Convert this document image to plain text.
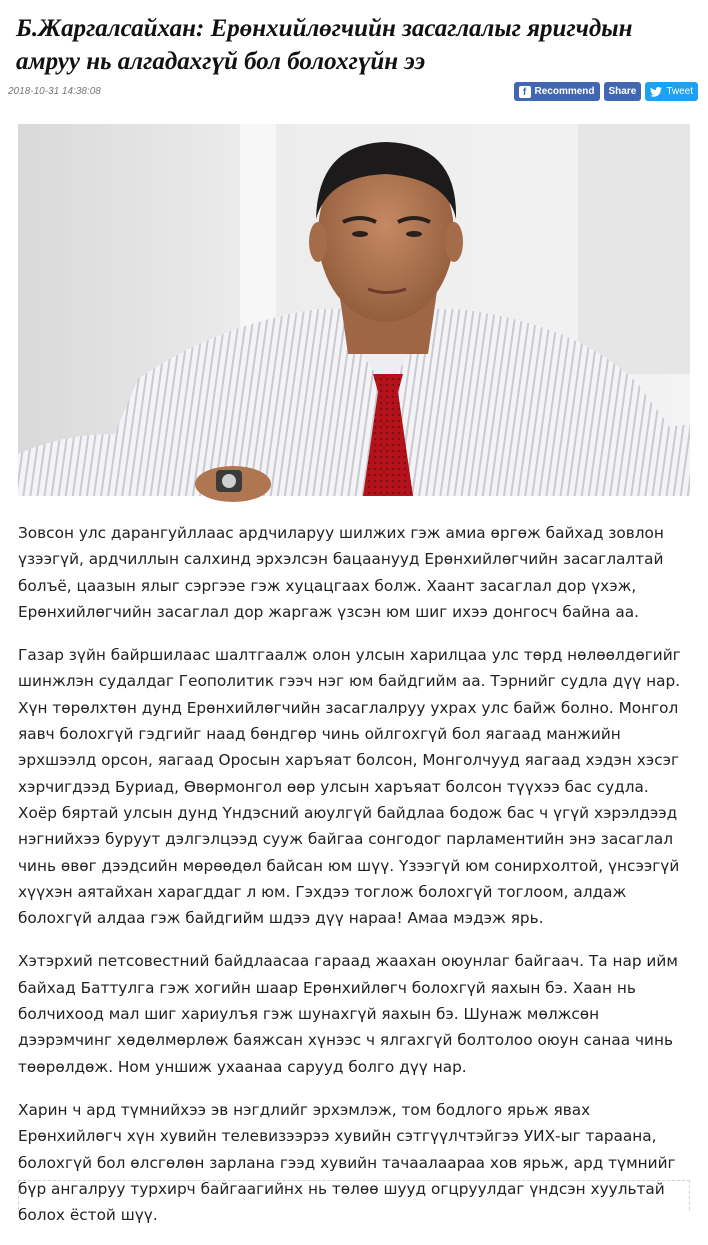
Б.Жаргалсайхан: Ерөнхийлөгчийн засаглалыг яригчдын амруу нь алгадахгүй бол болохгүйн ээ
2018-10-31 14:38:08	f Recommend Share	Tweet

Зовсон улс дарангуйллаас ардчиларуу шилжих гэж амиа өргөж байхад зовлон үзээгүй, ардчиллын салхинд эрхэлсэн бацаанууд Ерөнхийлөгчийн засаглалтай болъё, цаазын ялыг сэргээе гэж хуцацгаах болж. Хаант засаглал дор үхэж, Ерөнхийлөгчийн засаглал дор жаргаж үзсэн юм шиг ихээ донгосч байна аа.

Газар зүйн байршилаас шалтгаалж олон улсын харилцаа улс төрд нөлөөлдөгийг шинжлэн судалдаг Геополитик гээч нэг юм байдгийм аа. Тэрнийг судла дүү нар. Хүн төрөлхтөн дунд Ерөнхийлөгчийн засаглалруу ухрах улс байж болно. Монгол яавч болохгүй гэдгийг наад бөндгөр чинь ойлгохгүй бол яагаад манжийн эрхшээлд орсон, яагаад Оросын харъяат болсон, Монголчууд яагаад хэдэн хэсэг хэрчигдээд Буриад, Өвөрмонгол өөр улсын харъяат болсон түүхээ бас судла. Хоёр бяртай улсын дунд Үндэсний аюулгүй байдлаа бодож бас ч үгүй хэрэлдээд нэгнийхээ буруут дэлгэлцээд сууж байгаа сонгодог парламентийн энэ засаглал чинь өвөг дээдсийн мөрөөдөл байсан юм шүү. Үзээгүй юм сонирхолтой, үнсээгүй хүүхэн аятайхан харагддаг л юм. Гэхдээ тоглож болохгүй тоглоом, алдаж болохгүй алдаа гэж байдгийм шдээ дүү нараа! Амаа мэдэж ярь.

Хэтэрхий петсовестний байдлаасаа гараад жаахан оюунлаг байгаач. Та нар ийм байхад Баттулга гэж хогийн шаар Ерөнхийлөгч болохгүй яахын бэ. Хаан нь болчихоод мал шиг хариулъя гэж шунахгүй яахын бэ. Шунаж мөлжсөн дээрэмчинг хөдөлмөрлөж баяжсан хүнээс ч ялгахгүй болтолоо оюун санаа чинь төөрөлдөж. Ном уншиж ухаанаа сарууд болго дүү нар.

Харин ч ард түмнийхээ эв нэгдлийг эрхэмлэж, том бодлого ярьж явах Ерөнхийлөгч хүн хувийн телевизээрээ хувийн сэтгүүлчтэйгээ УИХ-ыг тараана, болохгүй бол өлсгөлөн зарлана гээд хувийн тачаалаараа хов ярьж, ард түмнийг бүр ангалруу турхирч байгаагийнх нь төлөө шууд огцруулдаг үндсэн хуультай болох ёстой шүү.
